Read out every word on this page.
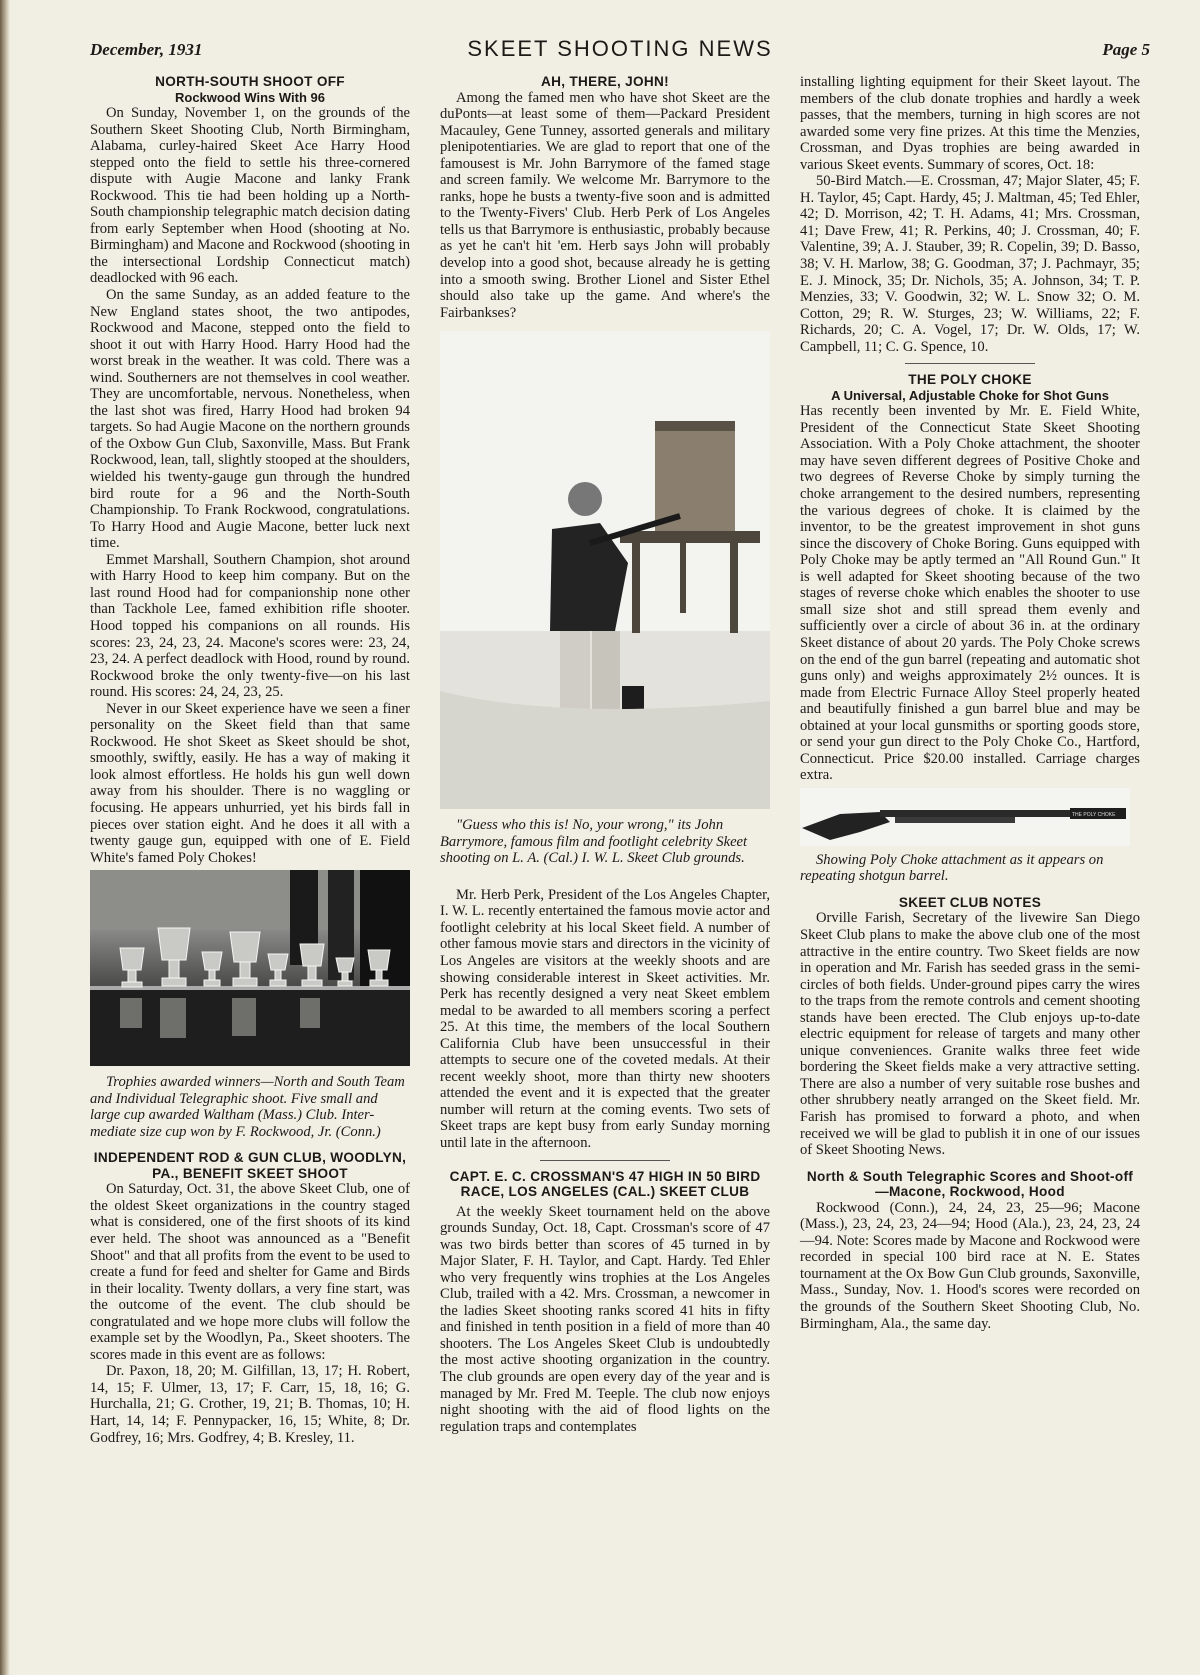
December, 1931	SKEET SHOOTING NEWS	Page 5
NORTH-SOUTH SHOOT OFF
Rockwood Wins With 96

On Sunday, November 1, on the grounds of the Southern Skeet Shooting Club, North Birmingham, Alabama, curley-haired Skeet Ace Harry Hood stepped onto the field to settle his three-cornered dispute with Augie Macone and lanky Frank Rockwood. This tie had been holding up a North-South championship telegraphic match decision dating from early September when Hood (shooting at No. Birmingham) and Macone and Rockwood (shooting in the intersectional Lordship Connecticut match) deadlocked with 96 each.

On the same Sunday, as an added feature to the New England states shoot, the two antipodes, Rockwood and Macone, stepped onto the field to shoot it out with Harry Hood. Harry Hood had the worst break in the weather. It was cold. There was a wind. Southerners are not themselves in cool weather. They are uncomfortable, nervous. Nonetheless, when the last shot was fired, Harry Hood had broken 94 targets. So had Augie Macone on the northern grounds of the Oxbow Gun Club, Saxonville, Mass. But Frank Rockwood, lean, tall, slightly stooped at the shoulders, wielded his twenty-gauge gun through the hundred bird route for a 96 and the North-South Championship. To Frank Rockwood, congratulations. To Harry Hood and Augie Macone, better luck next time.

Emmet Marshall, Southern Champion, shot around with Harry Hood to keep him company. But on the last round Hood had for companionship none other than Tackhole Lee, famed exhibition rifle shooter. Hood topped his companions on all rounds. His scores: 23, 24, 23, 24. Macone's scores were: 23, 24, 23, 24. A perfect deadlock with Hood, round by round. Rockwood broke the only twenty-five—on his last round. His scores: 24, 24, 23, 25.

Never in our Skeet experience have we seen a finer personality on the Skeet field than that same Rockwood. He shot Skeet as Skeet should be shot, smoothly, swiftly, easily. He has a way of making it look almost effortless. He holds his gun well down away from his shoulder. There is no waggling or focusing. He appears unhurried, yet his birds fall in pieces over station eight. And he does it all with a twenty gauge gun, equipped with one of E. Field White's famed Poly Chokes!

Trophies awarded winners—North and South Team and Individual Telegraphic shoot. Five small and large cup awarded Waltham (Mass.) Club. Inter-mediate size cup won by F. Rockwood, Jr. (Conn.)

INDEPENDENT ROD & GUN CLUB, WOODLYN, PA., BENEFIT SKEET SHOOT

On Saturday, Oct. 31, the above Skeet Club, one of the oldest Skeet organizations in the country staged what is considered, one of the first shoots of its kind ever held. The shoot was announced as a "Benefit Shoot" and that all profits from the event to be used to create a fund for feed and shelter for Game and Birds in their locality. Twenty dollars, a very fine start, was the outcome of the event. The club should be congratulated and we hope more clubs will follow the example set by the Woodlyn, Pa., Skeet shooters. The scores made in this event are as follows:

Dr. Paxon, 18, 20; M. Gilfillan, 13, 17; H. Robert, 14, 15; F. Ulmer, 13, 17; F. Carr, 15, 18, 16; G. Hurchalla, 21; G. Crother, 19, 21; B. Thomas, 10; H. Hart, 14, 14; F. Pennypacker, 16, 15; White, 8; Dr. Godfrey, 16; Mrs. Godfrey, 4; B. Kresley, 11.

AH, THERE, JOHN!

Among the famed men who have shot Skeet are the duPonts—at least some of them—Packard President Macauley, Gene Tunney, assorted generals and military plenipotentiaries. We are glad to report that one of the famousest is Mr. John Barrymore of the famed stage and screen family. We welcome Mr. Barrymore to the ranks, hope he busts a twenty-five soon and is admitted to the Twenty-Fivers' Club. Herb Perk of Los Angeles tells us that Barrymore is enthusiastic, probably because as yet he can't hit 'em. Herb says John will probably develop into a good shot, because already he is getting into a smooth swing. Brother Lionel and Sister Ethel should also take up the game. And where's the Fairbankses?

"Guess who this is! No, your wrong," its John Barrymore, famous film and footlight celebrity Skeet shooting on L. A. (Cal.) I. W. L. Skeet Club grounds.

Mr. Herb Perk, President of the Los Angeles Chapter, I. W. L. recently entertained the famous movie actor and footlight celebrity at his local Skeet field. A number of other famous movie stars and directors in the vicinity of Los Angeles are visitors at the weekly shoots and are showing considerable interest in Skeet activities. Mr. Perk has recently designed a very neat Skeet emblem medal to be awarded to all members scoring a perfect 25. At this time, the members of the local Southern California Club have been unsuccessful in their attempts to secure one of the coveted medals. At their recent weekly shoot, more than thirty new shooters attended the event and it is expected that the greater number will return at the coming events. Two sets of Skeet traps are kept busy from early Sunday morning until late in the afternoon.

CAPT. E. C. CROSSMAN'S 47 HIGH IN 50 BIRD RACE, LOS ANGELES (CAL.) SKEET CLUB

At the weekly Skeet tournament held on the above grounds Sunday, Oct. 18, Capt. Crossman's score of 47 was two birds better than scores of 45 turned in by Major Slater, F. H. Taylor, and Capt. Hardy. Ted Ehler who very frequently wins trophies at the Los Angeles Club, trailed with a 42. Mrs. Crossman, a newcomer in the ladies Skeet shooting ranks scored 41 hits in fifty and finished in tenth position in a field of more than 40 shooters. The Los Angeles Skeet Club is undoubtedly the most active shooting organization in the country. The club grounds are open every day of the year and is managed by Mr. Fred M. Teeple. The club now enjoys night shooting with the aid of flood lights on the regulation traps and contemplates

installing lighting equipment for their Skeet layout. The members of the club donate trophies and hardly a week passes, that the members, turning in high scores are not awarded some very fine prizes. At this time the Menzies, Crossman, and Dyas trophies are being awarded in various Skeet events. Summary of scores, Oct. 18:

50-Bird Match.—E. Crossman, 47; Major Slater, 45; F. H. Taylor, 45; Capt. Hardy, 45; J. Maltman, 45; Ted Ehler, 42; D. Morrison, 42; T. H. Adams, 41; Mrs. Crossman, 41; Dave Frew, 41; R. Perkins, 40; J. Crossman, 40; F. Valentine, 39; A. J. Stauber, 39; R. Copelin, 39; D. Basso, 38; V. H. Marlow, 38; G. Goodman, 37; J. Pachmayr, 35; E. J. Minock, 35; Dr. Nichols, 35; A. Johnson, 34; T. P. Menzies, 33; V. Goodwin, 32; W. L. Snow 32; O. M. Cotton, 29; R. W. Sturges, 23; W. Williams, 22; F. Richards, 20; C. A. Vogel, 17; Dr. W. Olds, 17; W. Campbell, 11; C. G. Spence, 10.

THE POLY CHOKE
A Universal, Adjustable Choke for Shot Guns

Has recently been invented by Mr. E. Field White, President of the Connecticut State Skeet Shooting Association. With a Poly Choke attachment, the shooter may have seven different degrees of Positive Choke and two degrees of Reverse Choke by simply turning the choke arrangement to the desired numbers, representing the various degrees of choke. It is claimed by the inventor, to be the greatest improvement in shot guns since the discovery of Choke Boring. Guns equipped with Poly Choke may be aptly termed an "All Round Gun." It is well adapted for Skeet shooting because of the two stages of reverse choke which enables the shooter to use small size shot and still spread them evenly and sufficiently over a circle of about 36 in. at the ordinary Skeet distance of about 20 yards. The Poly Choke screws on the end of the gun barrel (repeating and automatic shot guns only) and weighs approximately 2½ ounces. It is made from Electric Furnace Alloy Steel properly heated and beautifully finished a gun barrel blue and may be obtained at your local gunsmiths or sporting goods store, or send your gun direct to the Poly Choke Co., Hartford, Connecticut. Price $20.00 installed. Carriage charges extra.

THE POLY CHOKE

Showing Poly Choke attachment as it appears on repeating shotgun barrel.

SKEET CLUB NOTES

Orville Farish, Secretary of the livewire San Diego Skeet Club plans to make the above club one of the most attractive in the entire country. Two Skeet fields are now in operation and Mr. Farish has seeded grass in the semi-circles of both fields. Under-ground pipes carry the wires to the traps from the remote controls and cement shooting stands have been erected. The Club enjoys up-to-date electric equipment for release of targets and many other unique conveniences. Granite walks three feet wide bordering the Skeet fields make a very attractive setting. There are also a number of very suitable rose bushes and other shrubbery neatly arranged on the Skeet field. Mr. Farish has promised to forward a photo, and when received we will be glad to publish it in one of our issues of Skeet Shooting News.

North & South Telegraphic Scores and Shoot-off—Macone, Rockwood, Hood

Rockwood (Conn.), 24, 24, 23, 25—96; Macone (Mass.), 23, 24, 23, 24—94; Hood (Ala.), 23, 24, 23, 24—94. Note: Scores made by Macone and Rockwood were recorded in special 100 bird race at N. E. States tournament at the Ox Bow Gun Club grounds, Saxonville, Mass., Sunday, Nov. 1. Hood's scores were recorded on the grounds of the Southern Skeet Shooting Club, No. Birmingham, Ala., the same day.
